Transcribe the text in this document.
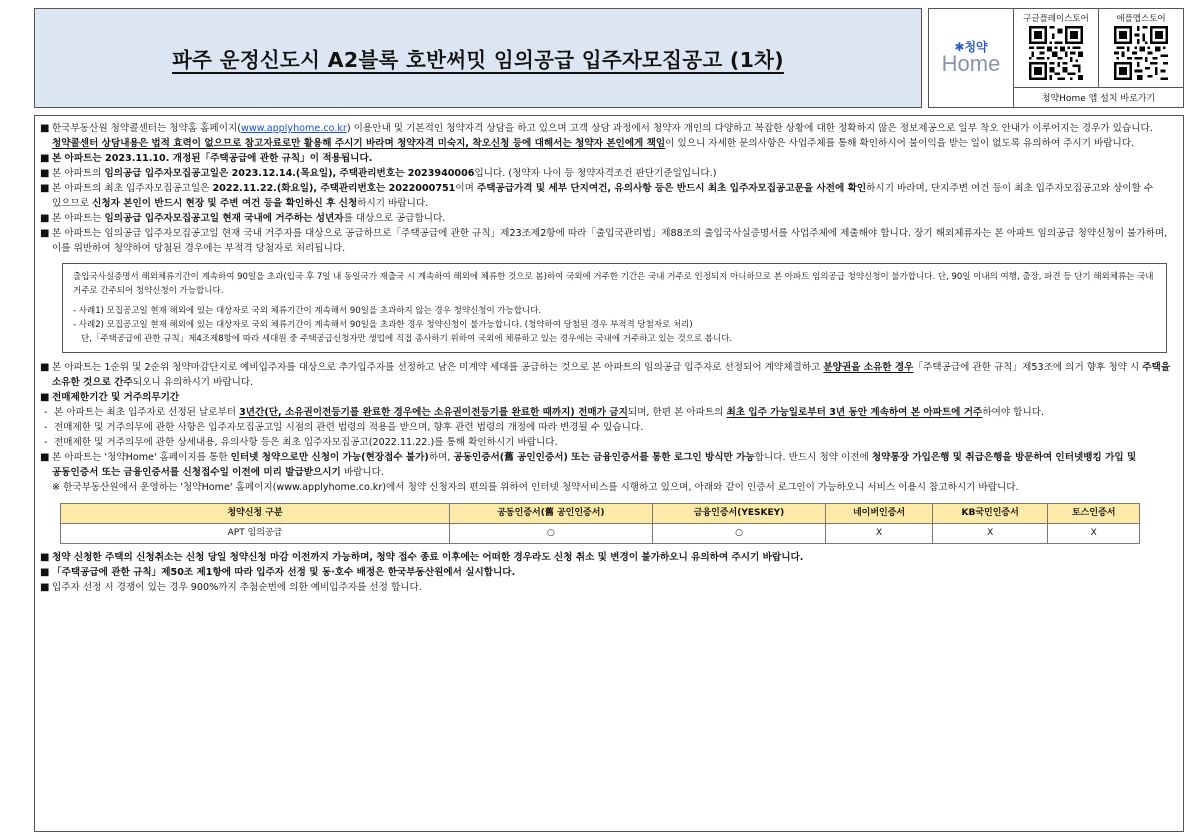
파주 운정신도시 A2블록 호반써밋 임의공급 입주자모집공고 (1차)
✱청약
Home
구글플레이스토어	애플앱스토어
청약Home 앱 설치 바로가기

■ 한국부동산원 청약콜센터는 청약홈 홈페이지(www.applyhome.co.kr) 이용안내 및 기본적인 청약자격 상담을 하고 있으며 고객 상담 과정에서 청약자 개인의 다양하고 복잡한 상황에 대한 정확하지 않은 정보제공으로 일부 착오 안내가 이루어지는 경우가 있습니다. 청약콜센터 상담내용은 법적 효력이 없으므로 참고자료로만 활용해 주시기 바라며 청약자격 미숙지, 착오신청 등에 대해서는 청약자 본인에게 책임이 있으니 자세한 문의사항은 사업주체를 통해 확인하시어 불이익을 받는 일이 없도록 유의하여 주시기 바랍니다.

■ 본 아파트는 2023.11.10. 개정된「주택공급에 관한 규칙」이 적용됩니다.

■ 본 아파트의 임의공급 입주자모집공고일은 2023.12.14.(목요일), 주택관리번호는 2023940006입니다. (청약자 나이 등 청약자격조건 판단기준일입니다.)

■ 본 아파트의 최초 입주자모집공고일은 2022.11.22.(화요일), 주택관리번호는 2022000751이며 주택공급가격 및 세부 단지여건, 유의사항 등은 반드시 최초 입주자모집공고문을 사전에 확인하시기 바라며, 단지주변 여건 등이 최초 입주자모집공고와 상이할 수 있으므로 신청자 본인이 반드시 현장 및 주변 여건 등을 확인하신 후 신청하시기 바랍니다.

■ 본 아파트는 임의공급 입주자모집공고일 현재 국내에 거주하는 성년자를 대상으로 공급합니다.

■ 본 아파트는 임의공급 입주자모집공고일 현재 국내 거주자를 대상으로 공급하므로「주택공급에 관한 규칙」제23조제2항에 따라「출입국관리법」제88조의 출입국사실증명서를 사업주체에 제출해야 합니다. 장기 해외체류자는 본 아파트 임의공급 청약신청이 불가하며, 이를 위반하여 청약하여 당첨된 경우에는 부적격 당첨자로 처리됩니다.

출입국사실증명서 해외체류기간이 계속하여 90일을 초과(입국 후 7일 내 동일국가 재출국 시 계속하여 해외에 체류한 것으로 봄)하여 국외에 거주한 기간은 국내 거주로 인정되지 아니하므로 본 아파트 임의공급 청약신청이 불가합니다. 단, 90일 이내의 여행, 출장, 파견 등 단기 해외체류는 국내거주로 간주되어 청약신청이 가능합니다.

- 사례1) 모집공고일 현재 해외에 있는 대상자로 국외 체류기간이 계속해서 90일을 초과하지 않는 경우 청약신청이 가능합니다.

- 사례2) 모집공고일 현재 해외에 있는 대상자로 국외 체류기간이 계속해서 90일을 초과한 경우 청약신청이 불가능합니다. (청약하여 당첨된 경우 부적격 당첨자로 처리)

단,「주택공급에 관한 규칙」제4조제8항에 따라 세대원 중 주택공급신청자만 생업에 직접 종사하기 위하여 국외에 체류하고 있는 경우에는 국내에 거주하고 있는 것으로 봅니다.

■ 본 아파트는 1순위 및 2순위 청약마감단지로 예비입주자를 대상으로 추가입주자를 선정하고 남은 미계약 세대를 공급하는 것으로 본 아파트의 임의공급 입주자로 선정되어 계약체결하고 분양권을 소유한 경우「주택공급에 관한 규칙」제53조에 의거 향후 청약 시 주택을 소유한 것으로 간주되오니 유의하시기 바랍니다.

■ 전매제한기간 및 거주의무기간

- 본 아파트는 최초 입주자로 선정된 날로부터 3년간(단, 소유권이전등기를 완료한 경우에는 소유권이전등기를 완료한 때까지) 전매가 금지되며, 한편 본 아파트의 최초 입주 가능일로부터 3년 동안 계속하여 본 아파트에 거주하여야 합니다.

- 전매제한 및 거주의무에 관한 사항은 입주자모집공고일 시점의 관련 법령의 적용을 받으며, 향후 관련 법령의 개정에 따라 변경될 수 있습니다.

- 전매제한 및 거주의무에 관한 상세내용, 유의사항 등은 최초 입주자모집공고(2022.11.22.)를 통해 확인하시기 바랍니다.

■ 본 아파트는 '청약Home' 홈페이지를 통한 인터넷 청약으로만 신청이 가능(현장접수 불가)하며, 공동인증서(舊 공인인증서) 또는 금융인증서를 통한 로그인 방식만 가능합니다. 반드시 청약 이전에 청약통장 가입은행 및 취급은행을 방문하여 인터넷뱅킹 가입 및 공동인증서 또는 금융인증서를 신청접수일 이전에 미리 발급받으시기 바랍니다.

※ 한국부동산원에서 운영하는 '청약Home' 홈페이지(www.applyhome.co.kr)에서 청약 신청자의 편의를 위하여 인터넷 청약서비스를 시행하고 있으며, 아래와 같이 인증서 로그인이 가능하오니 서비스 이용시 참고하시기 바랍니다.

청약신청 구분	공동인증서(舊 공인인증서)	금융인증서(YESKEY)	네이버인증서	KB국민인증서	토스인증서
APT 임의공급	○	○	X	X	X

■ 청약 신청한 주택의 신청취소는 신청 당일 청약신청 마감 이전까지 가능하며, 청약 접수 종료 이후에는 어떠한 경우라도 신청 취소 및 변경이 불가하오니 유의하여 주시기 바랍니다.

■ 「주택공급에 관한 규칙」제50조 제1항에 따라 입주자 선정 및 동·호수 배정은 한국부동산원에서 실시합니다.

■ 입주자 선정 시 경쟁이 있는 경우 900%까지 추첨순번에 의한 예비입주자를 선정 합니다.
